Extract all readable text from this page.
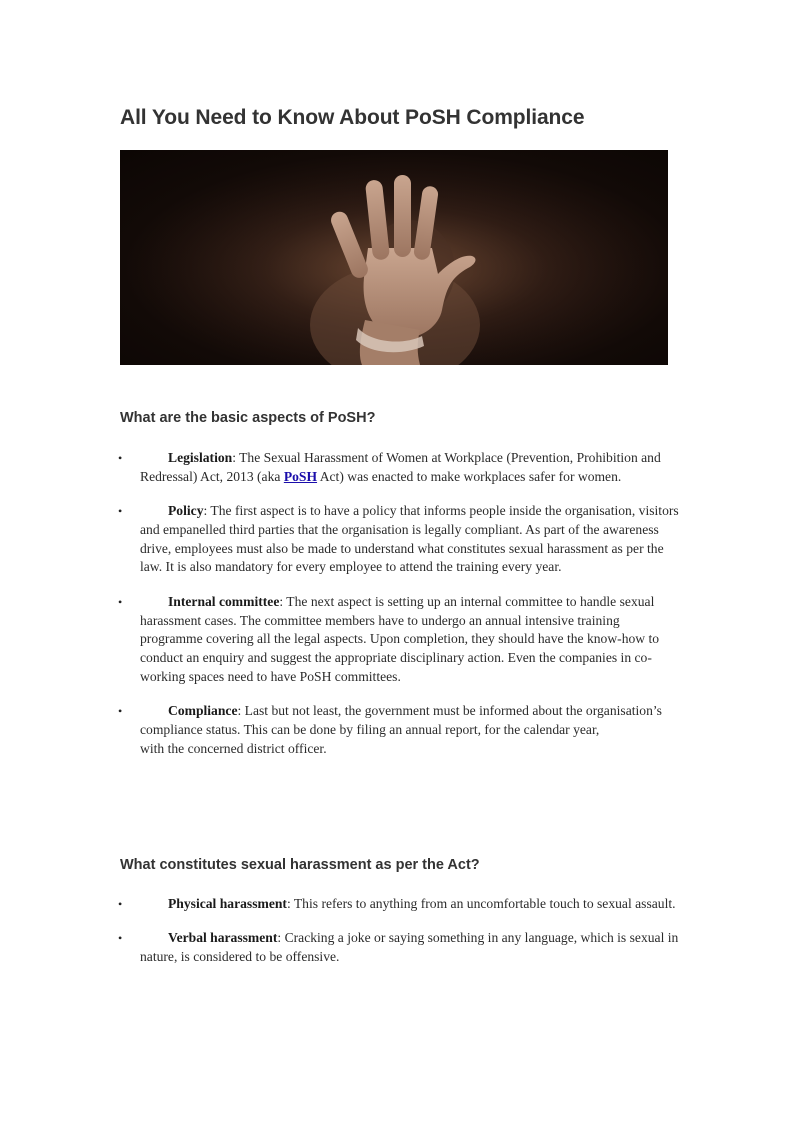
All You Need to Know About PoSH Compliance
What are the basic aspects of PoSH?
•	Legislation: The Sexual Harassment of Women at Workplace (Prevention, Prohibition and Redressal) Act, 2013 (aka PoSH Act) was enacted to make workplaces safer for women.
•	Policy: The first aspect is to have a policy that informs people inside the organisation, visitors and empanelled third parties that the organisation is legally compliant. As part of the awareness drive, employees must also be made to understand what constitutes sexual harassment as per the law. It is also mandatory for every employee to attend the training every year.
•	Internal committee: The next aspect is setting up an internal committee to handle sexual harassment cases. The committee members have to undergo an annual intensive training programme covering all the legal aspects. Upon completion, they should have the know-how to conduct an enquiry and suggest the appropriate disciplinary action. Even the companies in co-working spaces need to have PoSH committees.
•	Compliance: Last but not least, the government must be informed about the organisation’s compliance status. This can be done by filing an annual report, for the calendar year,
with the concerned district officer.
What constitutes sexual harassment as per the Act?
•	Physical harassment: This refers to anything from an uncomfortable touch to sexual assault.
•	Verbal harassment: Cracking a joke or saying something in any language, which is sexual in nature, is considered to be offensive.
